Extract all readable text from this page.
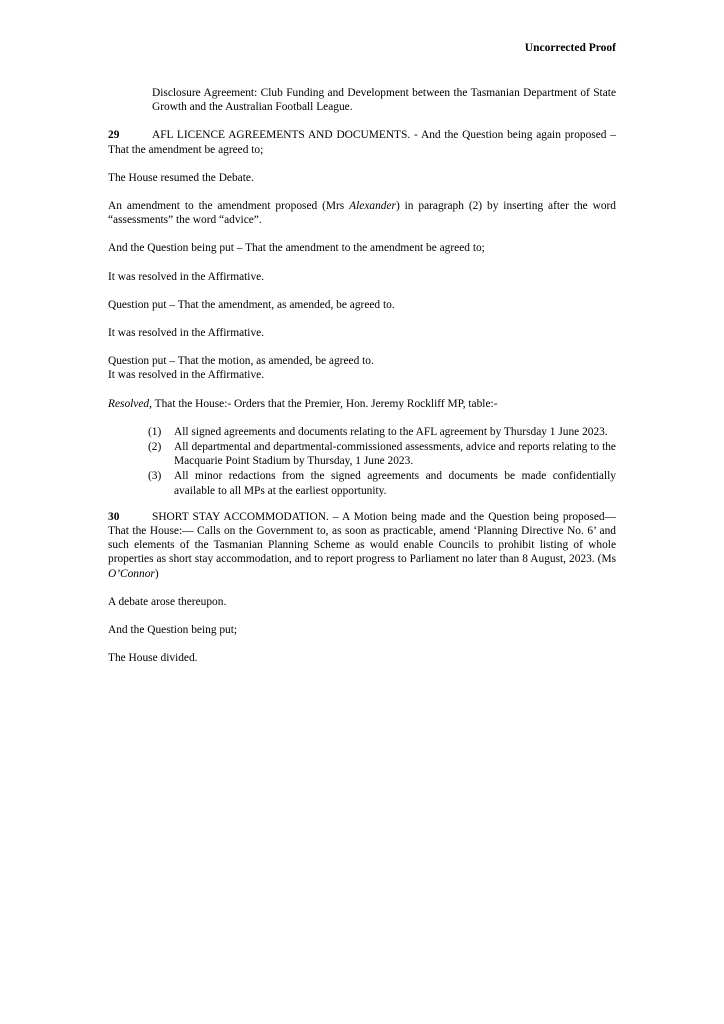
Uncorrected Proof
Disclosure Agreement: Club Funding and Development between the Tasmanian Department of State Growth and the Australian Football League.

29	AFL LICENCE AGREEMENTS AND DOCUMENTS. - And the Question being again proposed – That the amendment be agreed to;

The House resumed the Debate.

An amendment to the amendment proposed (Mrs Alexander) in paragraph (2) by inserting after the word “assessments” the word “advice”.

And the Question being put – That the amendment to the amendment be agreed to;

It was resolved in the Affirmative.

Question put – That the amendment, as amended, be agreed to.

It was resolved in the Affirmative.

Question put – That the motion, as amended, be agreed to.

It was resolved in the Affirmative.

Resolved, That the House:- Orders that the Premier, Hon. Jeremy Rockliff MP, table:-

(1)	All signed agreements and documents relating to the AFL agreement by Thursday 1 June 2023.
(2)	All departmental and departmental-commissioned assessments, advice and reports relating to the Macquarie Point Stadium by Thursday, 1 June 2023.
(3)	All minor redactions from the signed agreements and documents be made confidentially available to all MPs at the earliest opportunity.

30	SHORT STAY ACCOMMODATION. – A Motion being made and the Question being proposed—That the House:— Calls on the Government to, as soon as practicable, amend ‘Planning Directive No. 6’ and such elements of the Tasmanian Planning Scheme as would enable Councils to prohibit listing of whole properties as short stay accommodation, and to report progress to Parliament no later than 8 August, 2023. (Ms O’Connor)

A debate arose thereupon.

And the Question being put;

The House divided.
